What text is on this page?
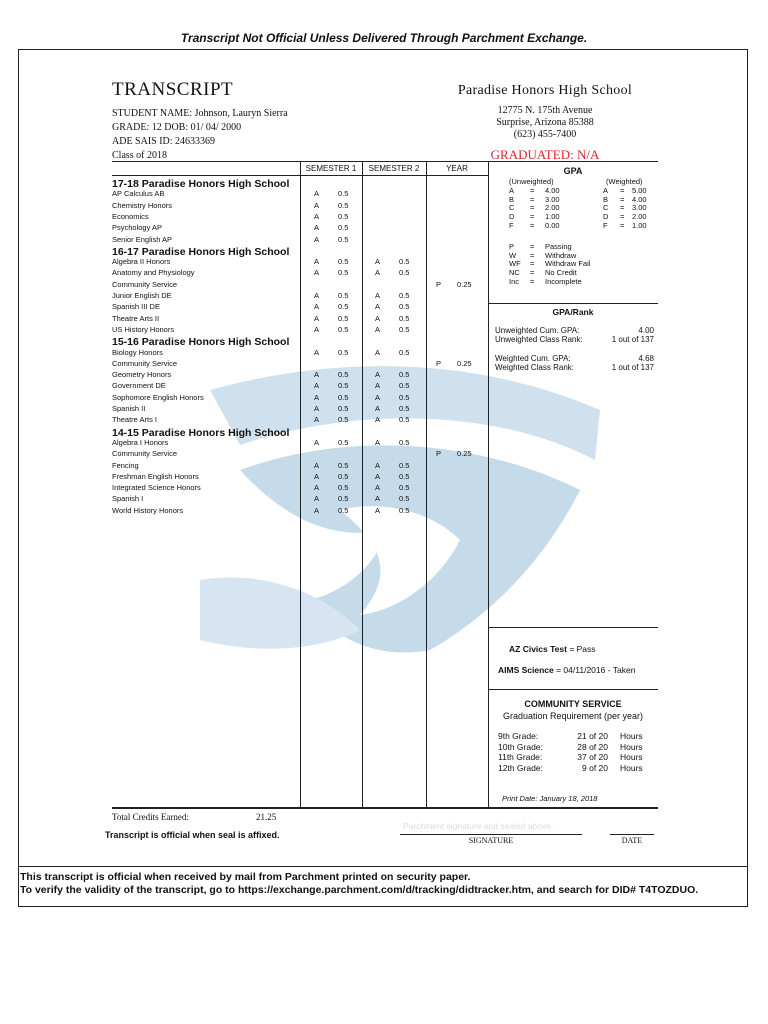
Transcript Not Official Unless Delivered Through Parchment Exchange.
TRANSCRIPT
STUDENT NAME: Johnson, Lauryn Sierra
GRADE: 12 DOB: 01/ 04/ 2000
ADE SAIS ID: 24633369
Class of 2018
Paradise Honors High School
12775 N. 175th Avenue
Surprise, Arizona 85388
(623) 455-7400
GRADUATED: N/A
SEMESTER 1	SEMESTER 2	YEAR
17-18 Paradise Honors High School
AP Calculus AB	A	0.5
Chemistry Honors	A	0.5
Economics	A	0.5
Psychology AP	A	0.5
Senior English AP	A	0.5
16-17 Paradise Honors High School
Algebra II Honors	A	0.5	A	0.5
Anatomy and Physiology	A	0.5	A	0.5
Community Service	P 0.25
Junior English DE	A	0.5	A	0.5
Spanish III DE	A	0.5	A	0.5
Theatre Arts II	A	0.5	A	0.5
US History Honors	A	0.5	A	0.5
15-16 Paradise Honors High School
Biology Honors	A	0.5	A	0.5
Community Service	P 0.25
Geometry Honors	A	0.5	A	0.5
Government DE	A	0.5	A	0.5
Sophomore English Honors	A	0.5	A	0.5
Spanish II	A	0.5	A	0.5
Theatre Arts I	A	0.5	A	0.5
14-15 Paradise Honors High School
Algebra I Honors	A	0.5	A	0.5
Community Service	P 0.25
Fencing	A	0.5	A	0.5
Freshman English Honors	A	0.5	A	0.5
Integrated Science Honors	A	0.5	A	0.5
Spanish I	A	0.5	A	0.5
World History Honors	A	0.5	A	0.5
GPA
(Unweighted)	(Weighted)
A = 4.00	A = 5.00
B = 3.00	B = 4.00
C = 2.00	C = 3.00
D = 1.00	D = 2.00
F = 0.00	F = 1.00
P = Passing
W = Withdraw
WF = Withdraw Fail
NC = No Credit
Inc = Incomplete
GPA/Rank
Unweighted Cum. GPA:	4.00
Unweighted Class Rank:	1 out of 137
Weighted Cum. GPA:	4.68
Weighted Class Rank:	1 out of 137
AZ Civics Test = Pass
AIMS Science = 04/11/2016 - Taken
COMMUNITY SERVICE
Graduation Requirement (per year)
9th Grade:	21 of 20 Hours
10th Grade:	28 of 20 Hours
11th Grade:	37 of 20 Hours
12th Grade:	9 of 20 Hours
Print Date: January 18, 2018
Total Credits Earned:	21.25
Transcript is official when seal is affixed.
Parchment signature and sealed above.
SIGNATURE	DATE
This transcript is official when received by mail from Parchment printed on security paper.
To verify the validity of the transcript, go to https://exchange.parchment.com/d/tracking/didtracker.htm, and search for DID# T4TOZDUO.
